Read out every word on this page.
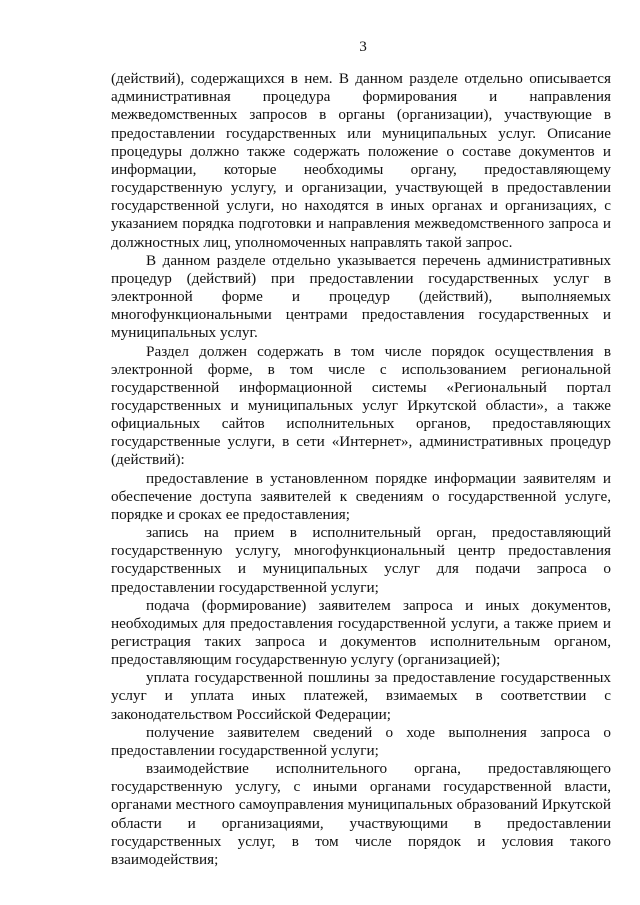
3

(действий), содержащихся в нем. В данном разделе отдельно описывается административная процедура формирования и направления межведомственных запросов в органы (организации), участвующие в предоставлении государственных или муниципальных услуг. Описание процедуры должно также содержать положение о составе документов и информации, которые необходимы органу, предоставляющему государственную услугу, и организации, участвующей в предоставлении государственной услуги, но находятся в иных органах и организациях, с указанием порядка подготовки и направления межведомственного запроса и должностных лиц, уполномоченных направлять такой запрос.

В данном разделе отдельно указывается перечень административных процедур (действий) при предоставлении государственных услуг в электронной форме и процедур (действий), выполняемых многофункциональными центрами предоставления государственных и муниципальных услуг.

Раздел должен содержать в том числе порядок осуществления в электронной форме, в том числе с использованием региональной государственной информационной системы «Региональный портал государственных и муниципальных услуг Иркутской области», а также официальных сайтов исполнительных органов, предоставляющих государственные услуги, в сети «Интернет», административных процедур (действий):

предоставление в установленном порядке информации заявителям и обеспечение доступа заявителей к сведениям о государственной услуге, порядке и сроках ее предоставления;

запись на прием в исполнительный орган, предоставляющий государственную услугу, многофункциональный центр предоставления государственных и муниципальных услуг для подачи запроса о предоставлении государственной услуги;

подача (формирование) заявителем запроса и иных документов, необходимых для предоставления государственной услуги, а также прием и регистрация таких запроса и документов исполнительным органом, предоставляющим государственную услугу (организацией);

уплата государственной пошлины за предоставление государственных услуг и уплата иных платежей, взимаемых в соответствии с законодательством Российской Федерации;

получение заявителем сведений о ходе выполнения запроса о предоставлении государственной услуги;

взаимодействие исполнительного органа, предоставляющего государственную услугу, с иными органами государственной власти, органами местного самоуправления муниципальных образований Иркутской области и организациями, участвующими в предоставлении государственных услуг, в том числе порядок и условия такого взаимодействия;
